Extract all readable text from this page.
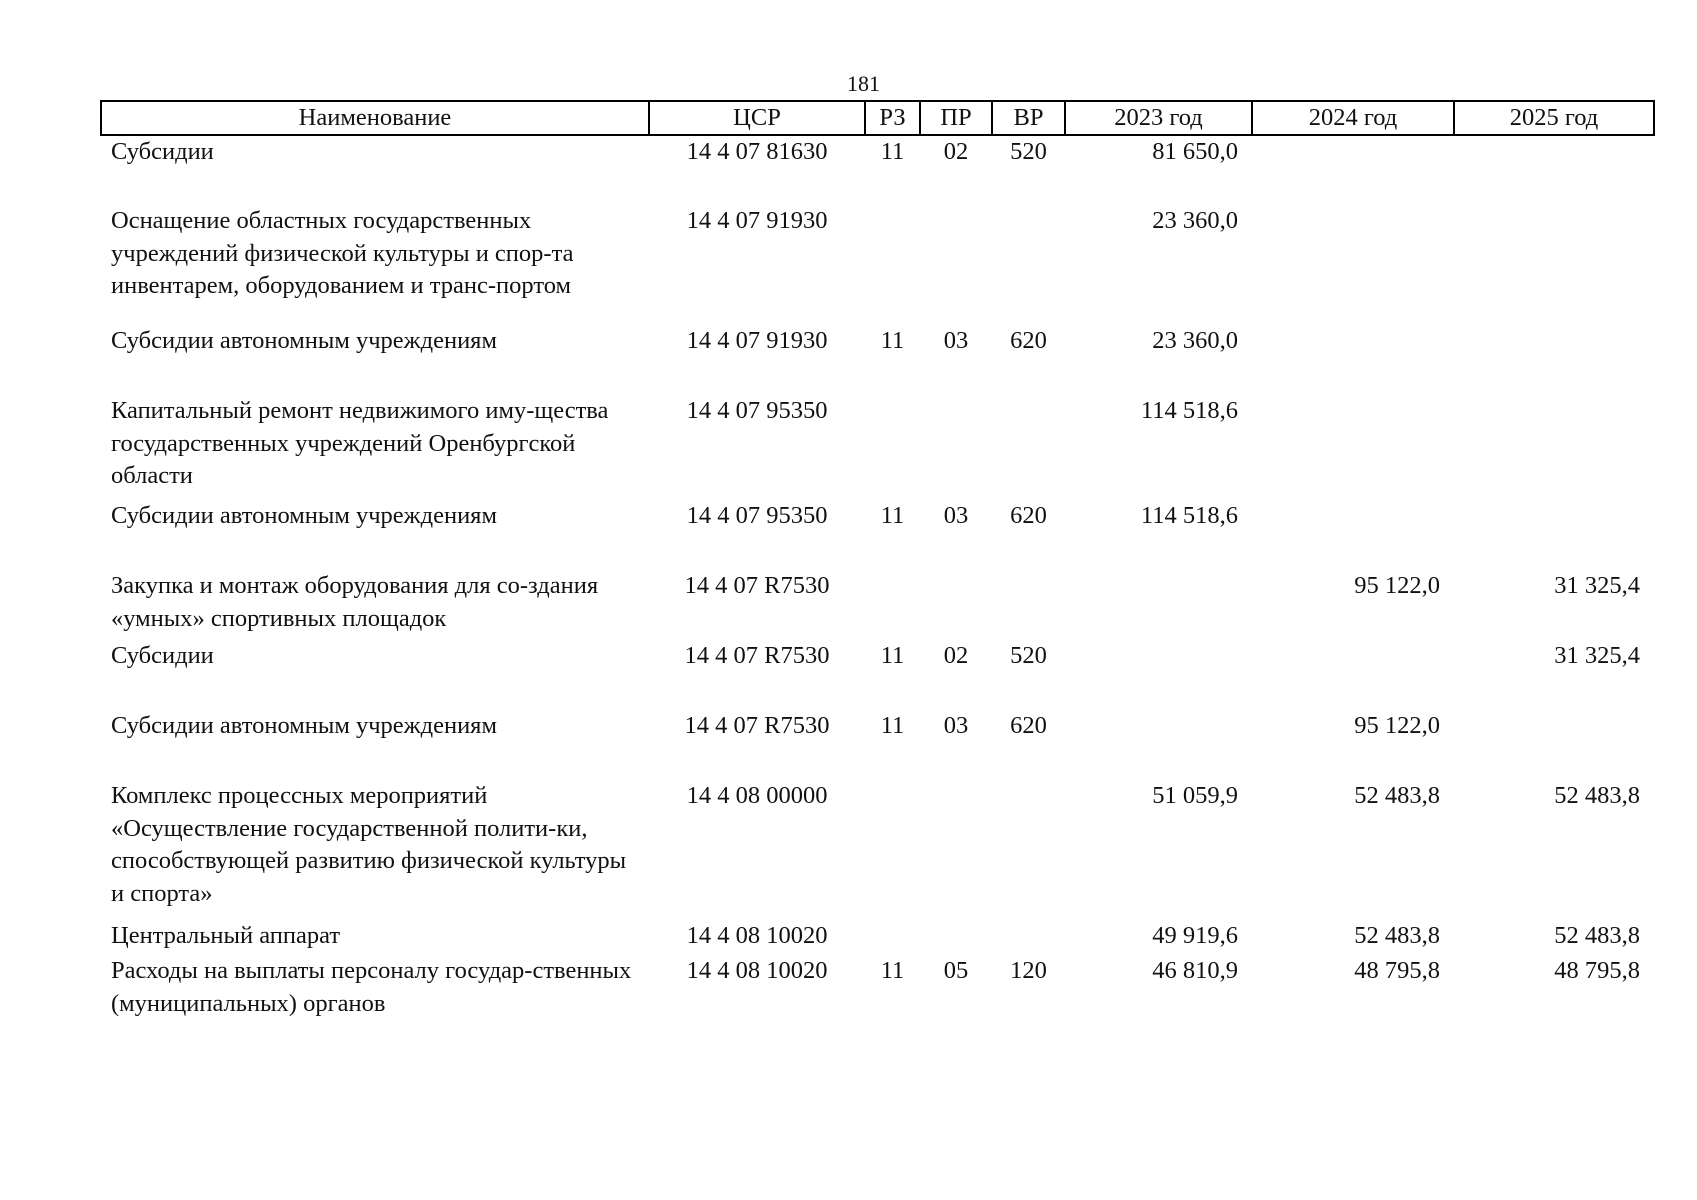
181
Наименование	ЦСР	РЗ	ПР	ВР	2023 год	2024 год	2025 год
Субсидии	14 4 07 81630	11	02	520	81 650,0		
Оснащение областных государственных учреждений физической культуры и спор-та инвентарем, оборудованием и транс-портом	14 4 07 91930				23 360,0		
Субсидии автономным учреждениям	14 4 07 91930	11	03	620	23 360,0		
Капитальный ремонт недвижимого иму-щества государственных учреждений Оренбургской области	14 4 07 95350				114 518,6		
Субсидии автономным учреждениям	14 4 07 95350	11	03	620	114 518,6		
Закупка и монтаж оборудования для со-здания «умных» спортивных площадок	14 4 07 R7530					95 122,0	31 325,4
Субсидии	14 4 07 R7530	11	02	520			31 325,4
Субсидии автономным учреждениям	14 4 07 R7530	11	03	620		95 122,0	
Комплекс процессных мероприятий «Осуществление государственной полити-ки, способствующей развитию физической культуры и спорта»	14 4 08 00000				51 059,9	52 483,8	52 483,8
Центральный аппарат	14 4 08 10020				49 919,6	52 483,8	52 483,8
Расходы на выплаты персоналу государ-ственных (муниципальных) органов	14 4 08 10020	11	05	120	46 810,9	48 795,8	48 795,8
